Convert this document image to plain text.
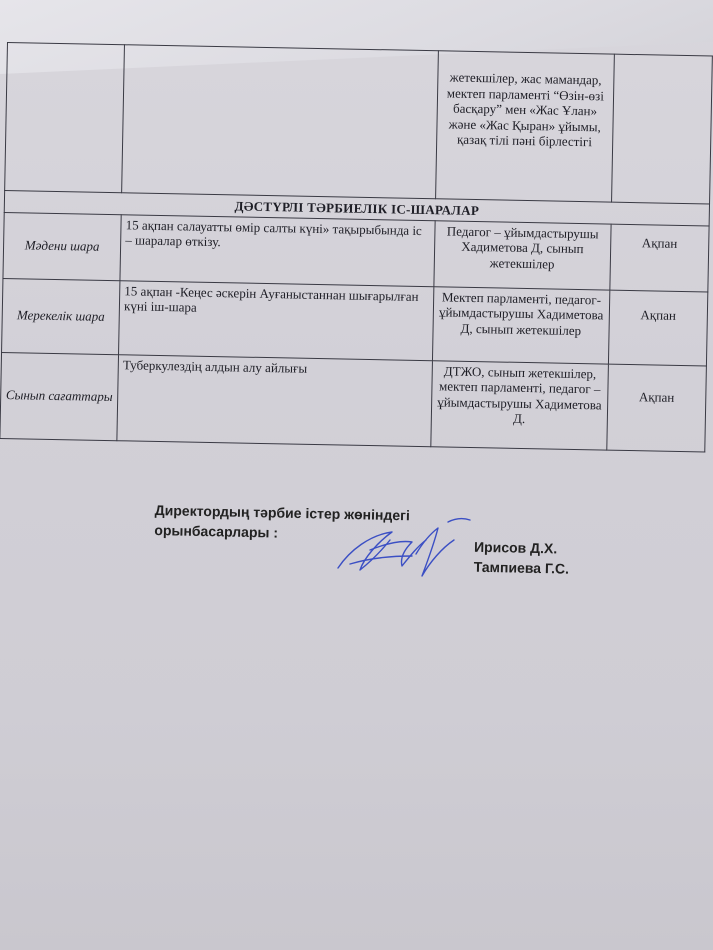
		жетекшілер, жас мамандар, мектеп парламенті “Өзін-өзі басқару” мен «Жас Ұлан» және «Жас Қыран» ұйымы, қазақ тілі пәні бірлестігі	
ДӘСТҮРЛІ ТӘРБИЕЛІК ІС-ШАРАЛАР			
Мәдени шара	15 ақпан салауатты өмір салты күні» тақырыбында іс – шаралар өткізу.	Педагог – ұйымдастырушы Хадиметова Д, сынып жетекшілер	Ақпан
Мерекелік шара	15 ақпан -Кеңес әскерін Ауғаныстаннан шығарылған күні іш-шара	Мектеп парламенті, педагог- ұйымдастырушы Хадиметова Д, сынып жетекшілер	Ақпан
Сынып сағаттары	Туберкулездің алдын алу айлығы	ДТЖО, сынып жетекшілер, мектеп парламенті, педагог –ұйымдастырушы Хадиметова Д.	Ақпан
Директордың тәрбие істер жөніндегі
орынбасарлары :
Ирисов Д.Х.
Тампиева Г.С.
